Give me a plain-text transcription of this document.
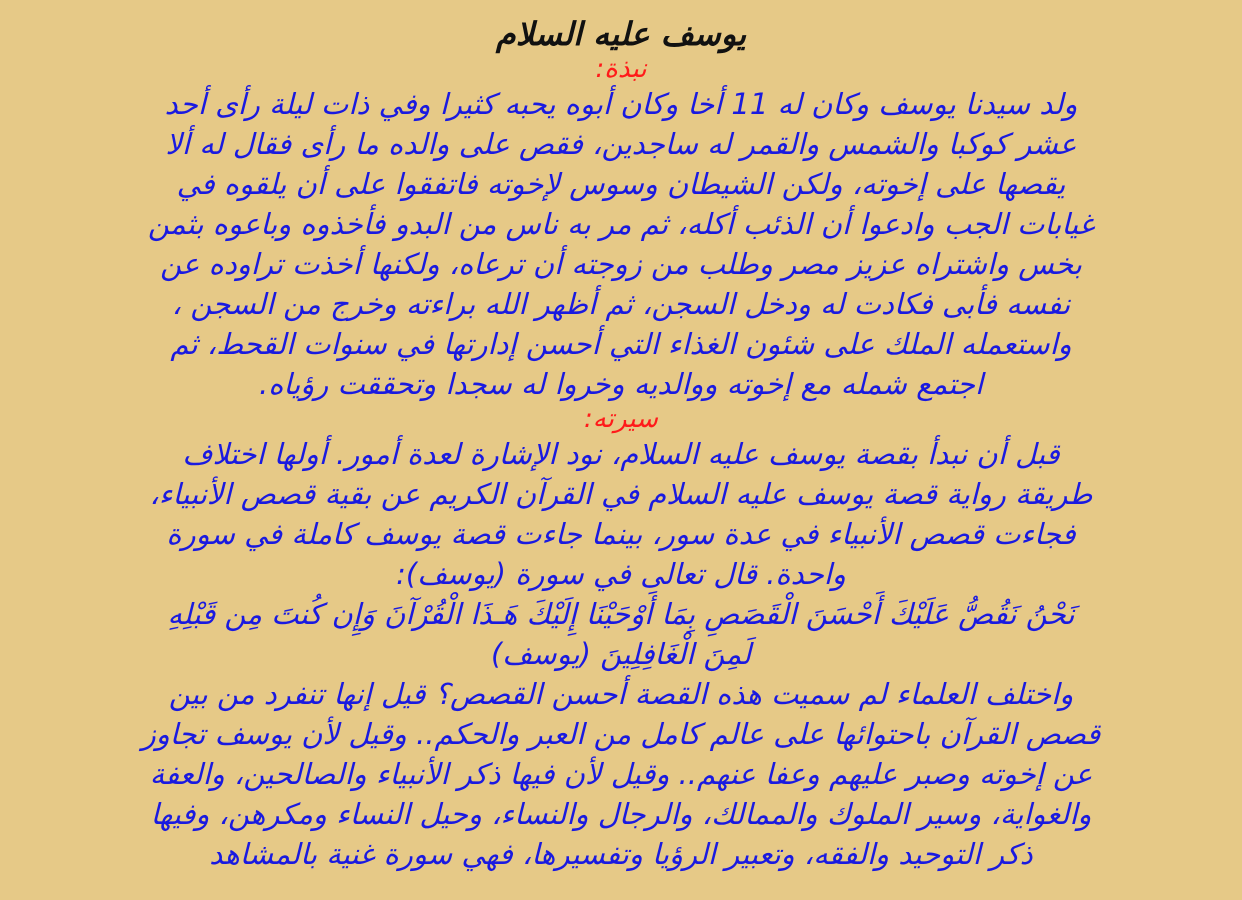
يوسف عليه السلام
نبذة:
ولد سيدنا يوسف وكان له 11 أخا وكان أبوه يحبه كثيرا وفي ذات ليلة رأى أحد
عشر كوكبا والشمس والقمر له ساجدين، فقص على والده ما رأى فقال له ألا
يقصها على إخوته، ولكن الشيطان وسوس لإخوته فاتفقوا على أن يلقوه في
غيابات الجب وادعوا أن الذئب أكله، ثم مر به ناس من البدو فأخذوه وباعوه بثمن
بخس واشتراه عزيز مصر وطلب من زوجته أن ترعاه، ولكنها أخذت تراوده عن
نفسه فأبى فكادت له ودخل السجن، ثم أظهر الله براءته وخرج من السجن ،
واستعمله الملك على شئون الغذاء التي أحسن إدارتها في سنوات القحط، ثم
اجتمع شمله مع إخوته ووالديه وخروا له سجدا وتحققت رؤياه.
سيرته:
قبل أن نبدأ بقصة يوسف عليه السلام، نود الإشارة لعدة أمور. أولها اختلاف
طريقة رواية قصة يوسف عليه السلام في القرآن الكريم عن بقية قصص الأنبياء،
فجاءت قصص الأنبياء في عدة سور، بينما جاءت قصة يوسف كاملة في سورة
واحدة. قال تعالى في سورة (يوسف):
نَحْنُ نَقُصُّ عَلَيْكَ أَحْسَنَ الْقَصَصِ بِمَا أَوْحَيْنَا إِلَيْكَ هَـذَا الْقُرْآنَ وَإِن كُنتَ مِن قَبْلِهِ
لَمِنَ الْغَافِلِينَ (يوسف)
واختلف العلماء لم سميت هذه القصة أحسن القصص؟ قيل إنها تنفرد من بين
قصص القرآن باحتوائها على عالم كامل من العبر والحكم.. وقيل لأن يوسف تجاوز
عن إخوته وصبر عليهم وعفا عنهم.. وقيل لأن فيها ذكر الأنبياء والصالحين، والعفة
والغواية، وسير الملوك والممالك، والرجال والنساء، وحيل النساء ومكرهن، وفيها
ذكر التوحيد والفقه، وتعبير الرؤيا وتفسيرها، فهي سورة غنية بالمشاهد
